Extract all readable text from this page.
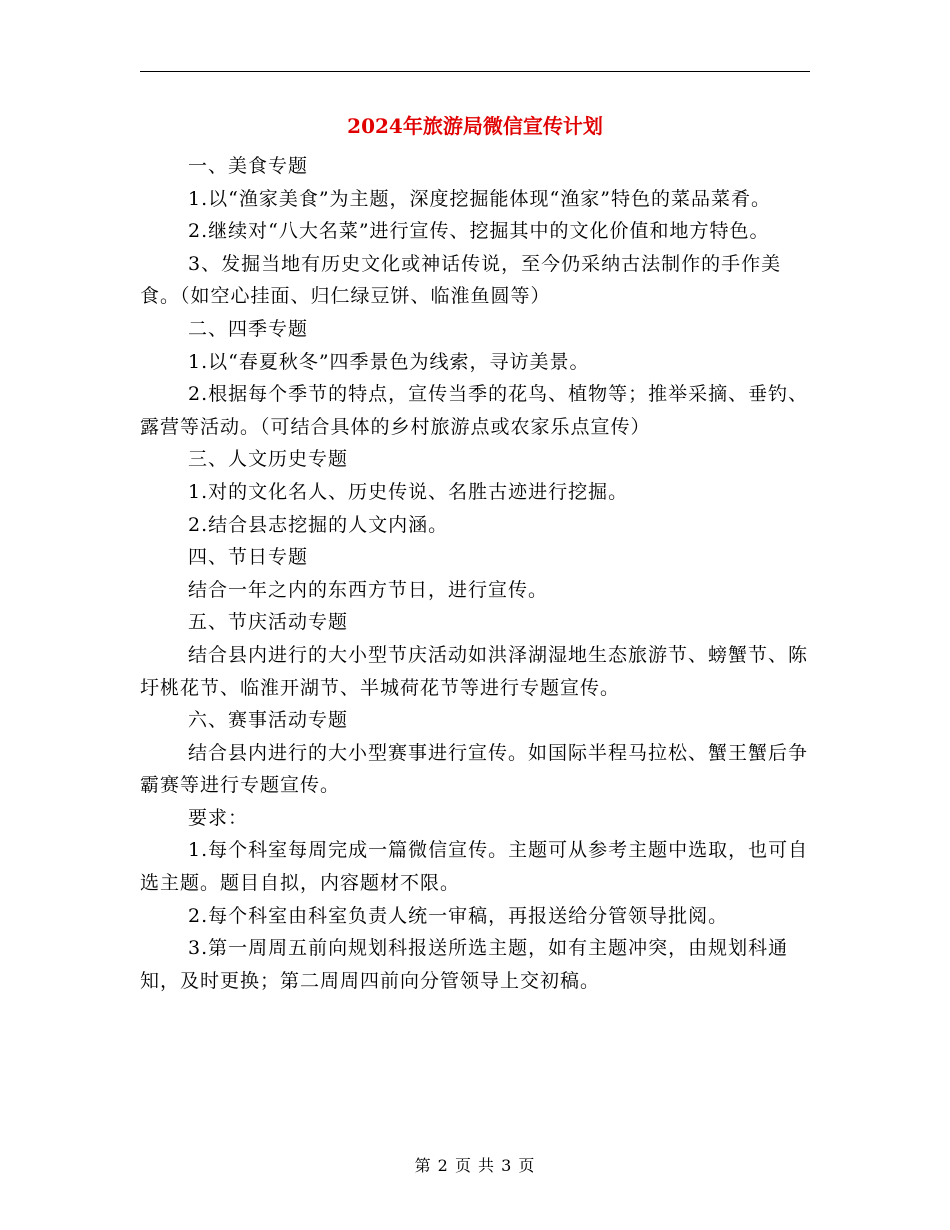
2024年旅游局微信宣传计划

一、美食专题

1.以“渔家美食”为主题，深度挖掘能体现“渔家”特色的菜品菜肴。

2.继续对“八大名菜”进行宣传、挖掘其中的文化价值和地方特色。

3、发掘当地有历史文化或神话传说，至今仍采纳古法制作的手作美食。（如空心挂面、归仁绿豆饼、临淮鱼圆等）

二、四季专题

1.以“春夏秋冬”四季景色为线索，寻访美景。

2.根据每个季节的特点，宣传当季的花鸟、植物等；推举采摘、垂钓、露营等活动。（可结合具体的乡村旅游点或农家乐点宣传）

三、人文历史专题

1.对的文化名人、历史传说、名胜古迹进行挖掘。

2.结合县志挖掘的人文内涵。

四、节日专题

结合一年之内的东西方节日，进行宣传。

五、节庆活动专题

结合县内进行的大小型节庆活动如洪泽湖湿地生态旅游节、螃蟹节、陈圩桃花节、临淮开湖节、半城荷花节等进行专题宣传。

六、赛事活动专题

结合县内进行的大小型赛事进行宣传。如国际半程马拉松、蟹王蟹后争霸赛等进行专题宣传。

要求：

1.每个科室每周完成一篇微信宣传。主题可从参考主题中选取，也可自选主题。题目自拟，内容题材不限。

2.每个科室由科室负责人统一审稿，再报送给分管领导批阅。

3.第一周周五前向规划科报送所选主题，如有主题冲突，由规划科通知，及时更换；第二周周四前向分管领导上交初稿。

第 2 页 共 3 页
